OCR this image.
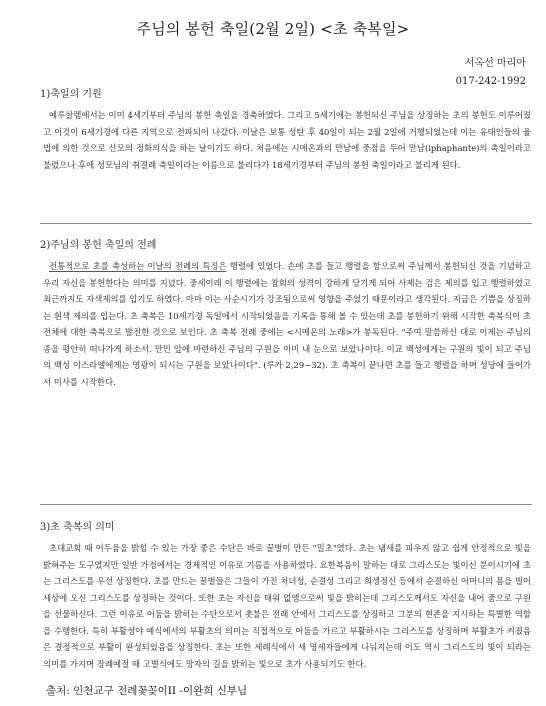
주님의 봉헌 축일(2월 2일) <초 축복일>
서옥선 마리아
017-242-1992
1)축일의 기원

예루살렘에서는 이미 4세기부터 주님의 봉헌 축일을 경축하였다. 그리고 5세기에는 봉헌되신 주님을 상징하는 초의 봉헌도 이루어졌고 이것이 6세기경에 다른 지역으로 전파되어 나갔다. 이날은 보통 성탄 후 40일이 되는 2월 2일에 거행되었는데 이는 유태인들의 율법에 의한 것으로 산모의 정화의식을 하는 날이기도 하다. 처음에는 시메온과의 만남에 중점을 두어 만남(iphaphante)의 축일이라고 불렸으나 후에 성모님의 취결례 축일이라는 이름으로 불리다가 18세기경부터 주님의 봉헌 축일이라고 불리게 된다.

2)주님의 봉헌 축일의 전례

전통적으로 초를 축성하는 이날의 전례의 특징은 행렬에 있었다. 손에 초를 들고 행렬을 함으로써 주님께서 봉헌되신 것을 기념하고 우리 자신을 봉헌한다는 의미를 지녔다. 중세이래 이 행렬에는 참회의 성격이 강하게 담기게 되어 사제는 검은 제의를 입고 행렬하였고 최근까지도 자색제의를 입기도 하였다. 아마 이는 사순시기가 강조됨으로써 영향을 주었기 때문이라고 생각된다. 지금은 기쁨을 상징하는 흰색 제의를 입는다. 초 축복은 10세기경 독일에서 시작되었음을 기록을 통해 볼 수 있는데 초를 봉헌하기 위해 시작한 축복식이 초 전체에 대한 축복으로 발전한 것으로 보인다. 초 축복 전례 중에는 <시메온의 노래>가 봉독된다. "주여 말씀하신 대로 이제는 주님의 종을 평안히 떠나가게 하소서. 만민 앞에 마련하신 주님의 구원을 이미 내 눈으로 보았나이다. 이교 백성에게는 구원의 빛이 되고 주님의 백성 이스라엘에게는 영광이 되시는 구원을 보았나이다". (루카 2,29~32). 초 축복이 끝나면 초를 들고 행렬을 하며 성당에 들어가서 미사를 시작한다.

3)초 축복의 의미

초대교회 때 어두움을 밝힐 수 있는 가장 좋은 수단은 바로 꿀벌이 만든 "밀초"였다. 초는 냄새를 피우지 않고 쉽게 안정적으로 빛을 밝혀주는 도구였지만 일반 가정에서는 경제적인 이유로 기름을 사용하였다. 요한복음이 말하는 대로 그리스도는 빛이신 분이시기에 초는 그리스도를 우선 상징한다. 초를 만드는 꿀벌들은 그들이 가진 처녀성, 순결성 그리고 희생정신 등에서 순결하신 어머니의 몸을 빌어 세상에 오신 그리스도를 상징하는 것이다. 또한 초는 자신을 태워 없앰으로써 빛을 밝히는데 그리스도께서도 자신을 내어 줌으로 구원을 선물하신다. 그런 이유로 어둠을 밝히는 수단으로서 촛불은 전례 안에서 그리스도를 상징하고 그분의 현존을 지시하는 특별한 역할을 수행한다. 특히 부활성야 예식에서의 부활초의 의미는 직접적으로 어둠을 가르고 부활하시는 그리스도를 상징하며 부활초가 켜졌음은 결정적으로 부활이 완성되었음을 상징한다. 초는 또한 세례식에서 새 영세자들에게 나눠지는데 이도 역시 그리스도의 빛이 되라는 의미를 가지며 장례예절 때 고별식에도 망자의 길을 밝히는 빛으로 초가 사용되기도 한다.

출처: 인천교구 전례꽃꽂이II -이완희 신부님
